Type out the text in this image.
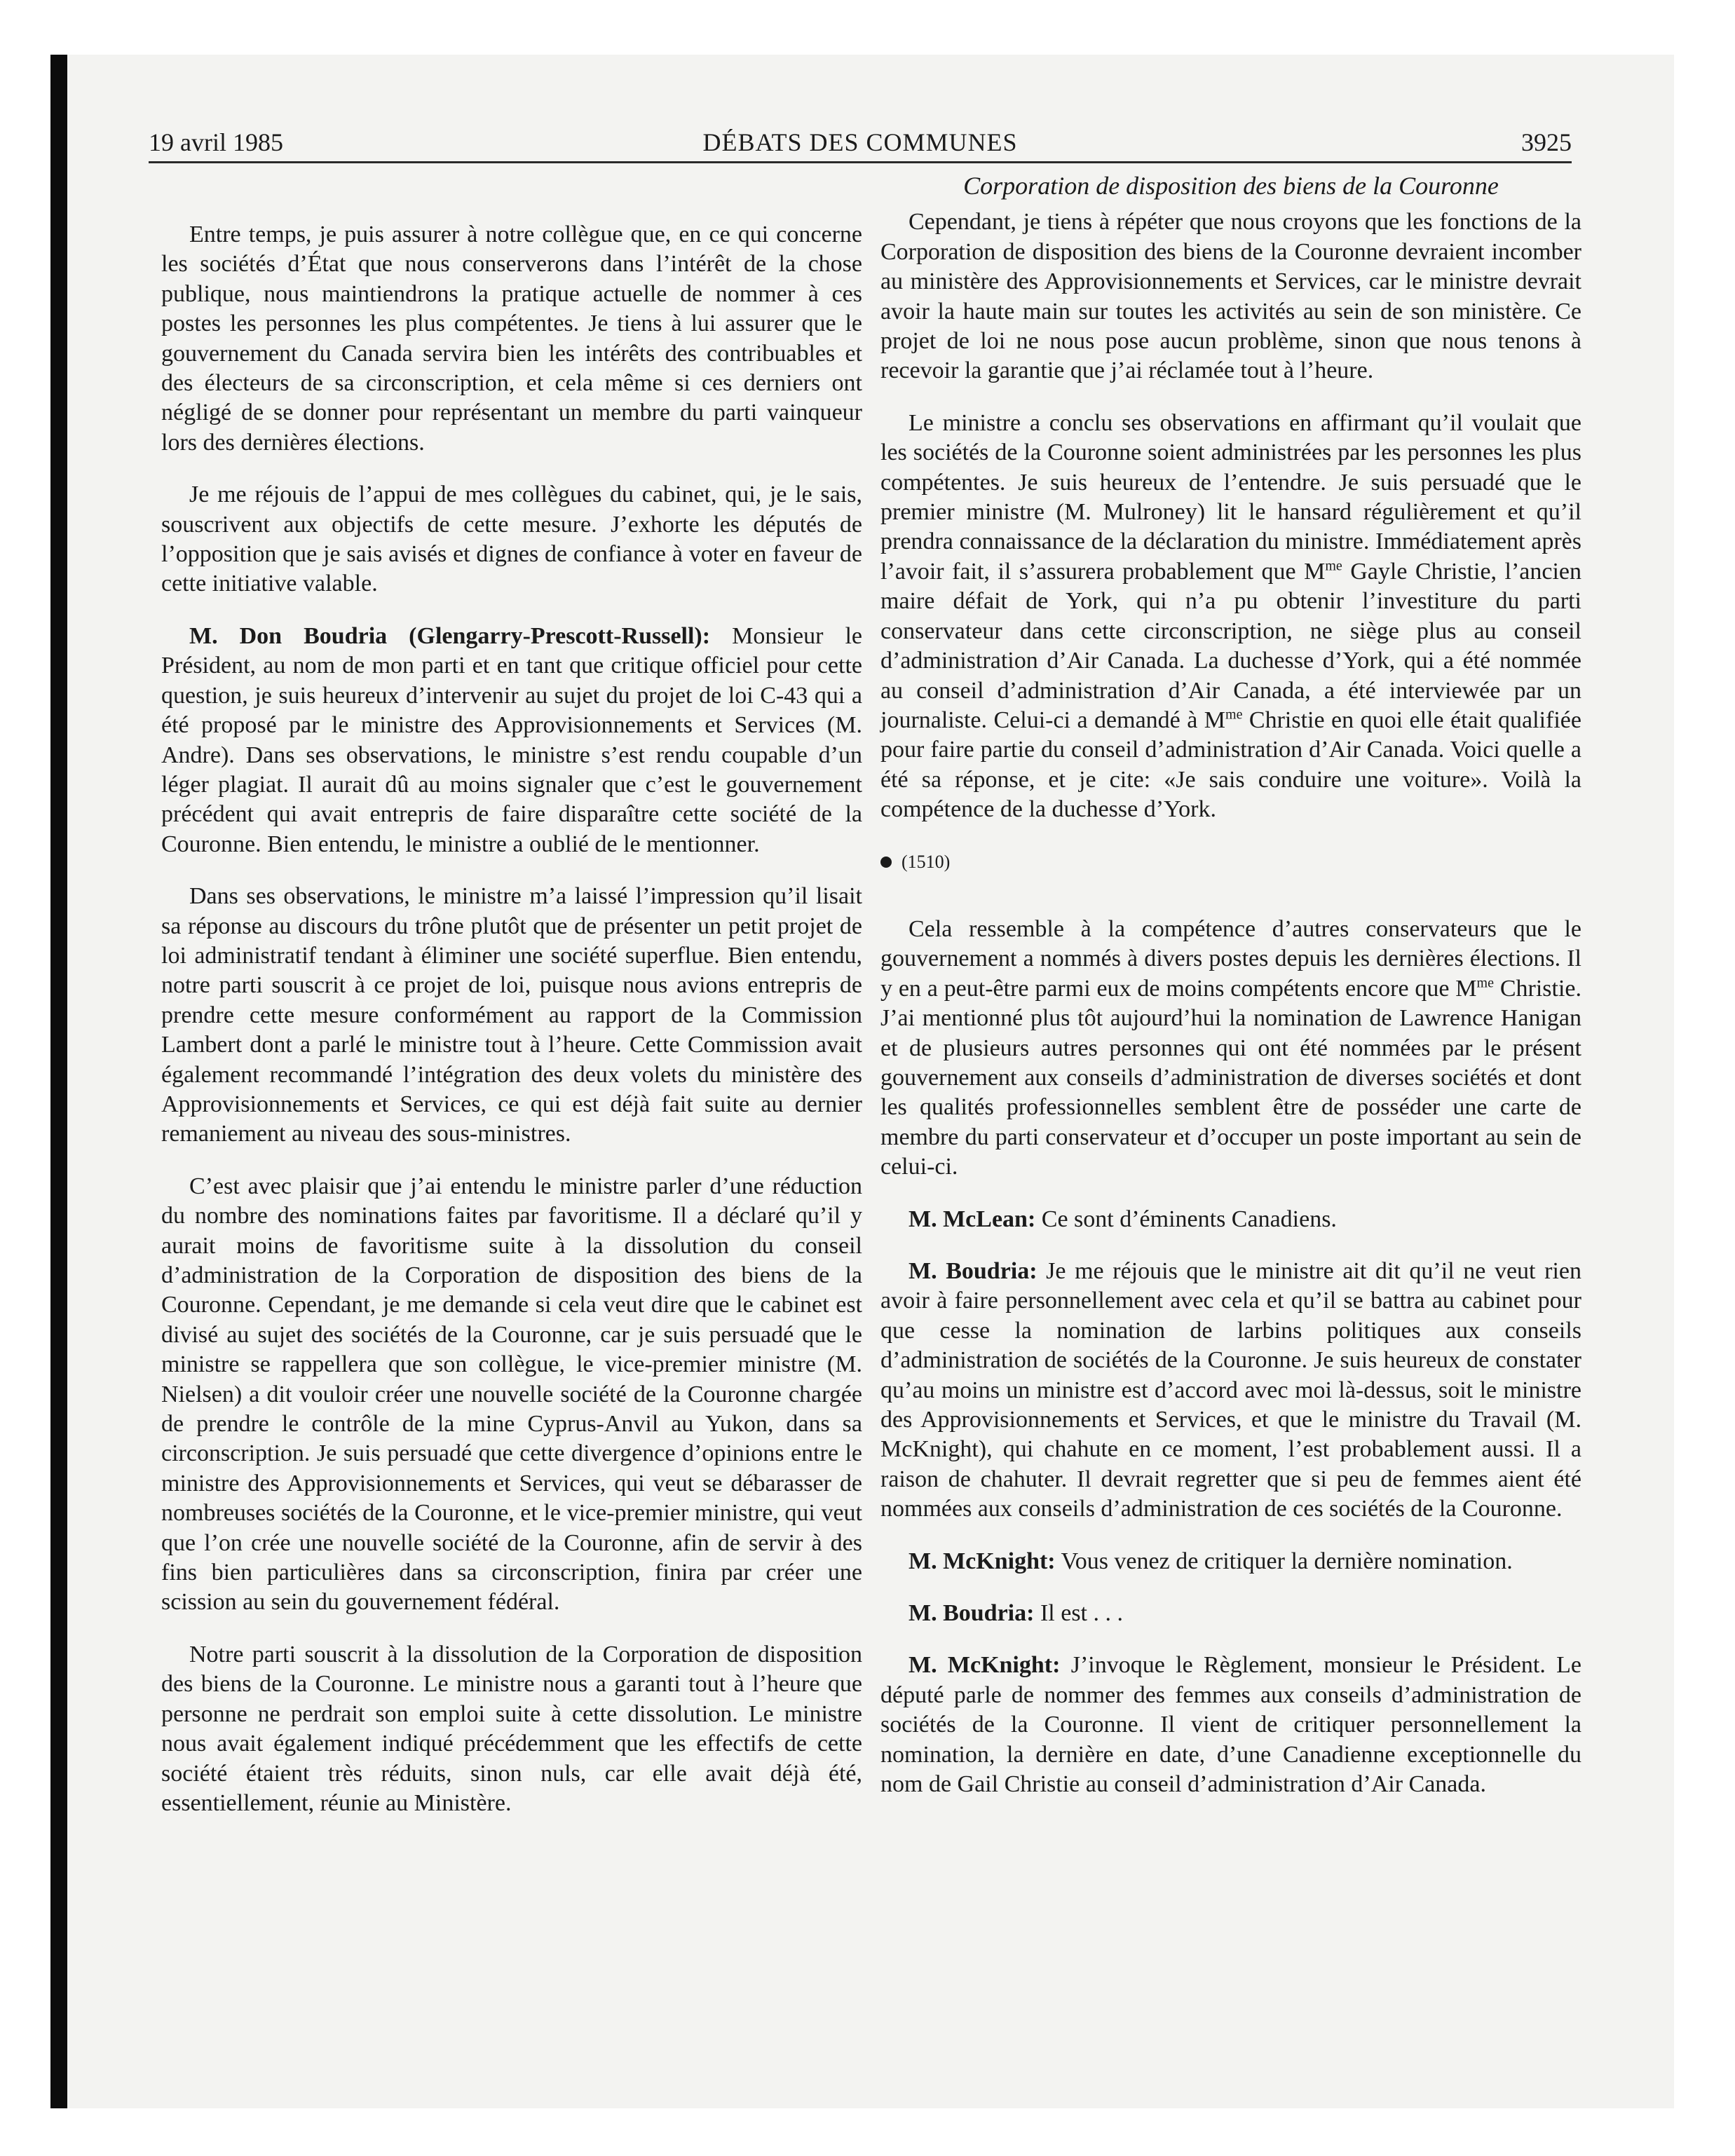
19 avril 1985	DÉBATS DES COMMUNES	3925

Entre temps, je puis assurer à notre collègue que, en ce qui concerne les sociétés d’État que nous conserverons dans l’intérêt de la chose publique, nous maintiendrons la pratique actuelle de nommer à ces postes les personnes les plus compétentes. Je tiens à lui assurer que le gouvernement du Canada servira bien les intérêts des contribuables et des électeurs de sa circonscription, et cela même si ces derniers ont négligé de se donner pour représentant un membre du parti vainqueur lors des dernières élections.

Je me réjouis de l’appui de mes collègues du cabinet, qui, je le sais, souscrivent aux objectifs de cette mesure. J’exhorte les députés de l’opposition que je sais avisés et dignes de confiance à voter en faveur de cette initiative valable.

M. Don Boudria (Glengarry-Prescott-Russell): Monsieur le Président, au nom de mon parti et en tant que critique officiel pour cette question, je suis heureux d’intervenir au sujet du projet de loi C-43 qui a été proposé par le ministre des Approvisionnements et Services (M. Andre). Dans ses observations, le ministre s’est rendu coupable d’un léger plagiat. Il aurait dû au moins signaler que c’est le gouvernement précédent qui avait entrepris de faire disparaître cette société de la Couronne. Bien entendu, le ministre a oublié de le mentionner.

Dans ses observations, le ministre m’a laissé l’impression qu’il lisait sa réponse au discours du trône plutôt que de présenter un petit projet de loi administratif tendant à éliminer une société superflue. Bien entendu, notre parti souscrit à ce projet de loi, puisque nous avions entrepris de prendre cette mesure conformément au rapport de la Commission Lambert dont a parlé le ministre tout à l’heure. Cette Commission avait également recommandé l’intégration des deux volets du ministère des Approvisionnements et Services, ce qui est déjà fait suite au dernier remaniement au niveau des sous-ministres.

C’est avec plaisir que j’ai entendu le ministre parler d’une réduction du nombre des nominations faites par favoritisme. Il a déclaré qu’il y aurait moins de favoritisme suite à la dissolution du conseil d’administration de la Corporation de disposition des biens de la Couronne. Cependant, je me demande si cela veut dire que le cabinet est divisé au sujet des sociétés de la Couronne, car je suis persuadé que le ministre se rappellera que son collègue, le vice-premier ministre (M. Nielsen) a dit vouloir créer une nouvelle société de la Couronne chargée de prendre le contrôle de la mine Cyprus-Anvil au Yukon, dans sa circonscription. Je suis persuadé que cette divergence d’opinions entre le ministre des Approvisionnements et Services, qui veut se débarasser de nombreuses sociétés de la Couronne, et le vice-premier ministre, qui veut que l’on crée une nouvelle société de la Couronne, afin de servir à des fins bien particulières dans sa circonscription, finira par créer une scission au sein du gouvernement fédéral.

Notre parti souscrit à la dissolution de la Corporation de disposition des biens de la Couronne. Le ministre nous a garanti tout à l’heure que personne ne perdrait son emploi suite à cette dissolution. Le ministre nous avait également indiqué précédemment que les effectifs de cette société étaient très réduits, sinon nuls, car elle avait déjà été, essentiellement, réunie au Ministère.

Corporation de disposition des biens de la Couronne

Cependant, je tiens à répéter que nous croyons que les fonctions de la Corporation de disposition des biens de la Couronne devraient incomber au ministère des Approvisionnements et Services, car le ministre devrait avoir la haute main sur toutes les activités au sein de son ministère. Ce projet de loi ne nous pose aucun problème, sinon que nous tenons à recevoir la garantie que j’ai réclamée tout à l’heure.

Le ministre a conclu ses observations en affirmant qu’il voulait que les sociétés de la Couronne soient administrées par les personnes les plus compétentes. Je suis heureux de l’entendre. Je suis persuadé que le premier ministre (M. Mulroney) lit le hansard régulièrement et qu’il prendra connaissance de la déclaration du ministre. Immédiatement après l’avoir fait, il s’assurera probablement que $M^{me}$ Gayle Christie, l’ancien maire défait de York, qui n’a pu obtenir l’investiture du parti conservateur dans cette circonscription, ne siège plus au conseil d’administration d’Air Canada. La duchesse d’York, qui a été nommée au conseil d’administration d’Air Canada, a été interviewée par un journaliste. Celui-ci a demandé à $M^{me}$ Christie en quoi elle était qualifiée pour faire partie du conseil d’administration d’Air Canada. Voici quelle a été sa réponse, et je cite: «Je sais conduire une voiture». Voilà la compétence de la duchesse d’York.

(1510)

Cela ressemble à la compétence d’autres conservateurs que le gouvernement a nommés à divers postes depuis les dernières élections. Il y en a peut-être parmi eux de moins compétents encore que $M^{me}$ Christie. J’ai mentionné plus tôt aujourd’hui la nomination de Lawrence Hanigan et de plusieurs autres personnes qui ont été nommées par le présent gouvernement aux conseils d’administration de diverses sociétés et dont les qualités professionnelles semblent être de posséder une carte de membre du parti conservateur et d’occuper un poste important au sein de celui-ci.

M. McLean: Ce sont d’éminents Canadiens.

M. Boudria: Je me réjouis que le ministre ait dit qu’il ne veut rien avoir à faire personnellement avec cela et qu’il se battra au cabinet pour que cesse la nomination de larbins politiques aux conseils d’administration de sociétés de la Couronne. Je suis heureux de constater qu’au moins un ministre est d’accord avec moi là-dessus, soit le ministre des Approvisionnements et Services, et que le ministre du Travail (M. McKnight), qui chahute en ce moment, l’est probablement aussi. Il a raison de chahuter. Il devrait regretter que si peu de femmes aient été nommées aux conseils d’administration de ces sociétés de la Couronne.

M. McKnight: Vous venez de critiquer la dernière nomination.

M. Boudria: Il est . . .

M. McKnight: J’invoque le Règlement, monsieur le Président. Le député parle de nommer des femmes aux conseils d’administration de sociétés de la Couronne. Il vient de critiquer personnellement la nomination, la dernière en date, d’une Canadienne exceptionnelle du nom de Gail Christie au conseil d’administration d’Air Canada.
